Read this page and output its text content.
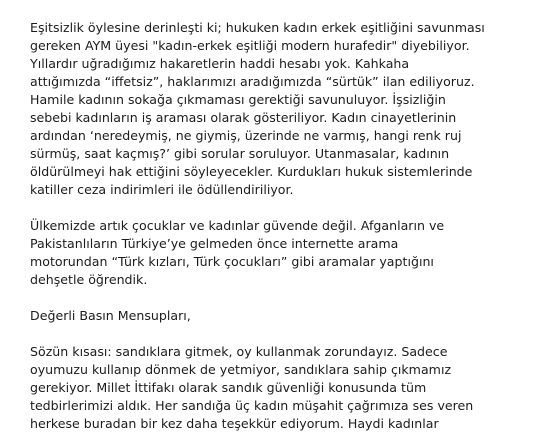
Eşitsizlik öylesine derinleşti ki; hukuken kadın erkek eşitliğini savunması
gereken AYM üyesi "kadın-erkek eşitliği modern hurafedir" diyebiliyor.
Yıllardır uğradığımız hakaretlerin haddi hesabı yok. Kahkaha
attığımızda “iffetsiz”, haklarımızı aradığımızda “sürtük” ilan ediliyoruz.
Hamile kadının sokağa çıkmaması gerektiği savunuluyor. İşsizliğin
sebebi kadınların iş araması olarak gösteriliyor. Kadın cinayetlerinin
ardından ‘neredeymiş, ne giymiş, üzerinde ne varmış, hangi renk ruj
sürmüş, saat kaçmış?’ gibi sorular soruluyor. Utanmasalar, kadının
öldürülmeyi hak ettiğini söyleyecekler. Kurdukları hukuk sistemlerinde
katiller ceza indirimleri ile ödüllendiriliyor.
Ülkemizde artık çocuklar ve kadınlar güvende değil. Afganların ve
Pakistanlıların Türkiye’ye gelmeden önce internette arama
motorundan “Türk kızları, Türk çocukları” gibi aramalar yaptığını
dehşetle öğrendik.
Değerli Basın Mensupları,
Sözün kısası: sandıklara gitmek, oy kullanmak zorundayız. Sadece
oyumuzu kullanıp dönmek de yetmiyor, sandıklara sahip çıkmamız
gerekiyor. Millet İttifakı olarak sandık güvenliği konusunda tüm
tedbirlerimizi aldık. Her sandığa üç kadın müşahit çağrımıza ses veren
herkese buradan bir kez daha teşekkür ediyorum. Haydi kadınlar
